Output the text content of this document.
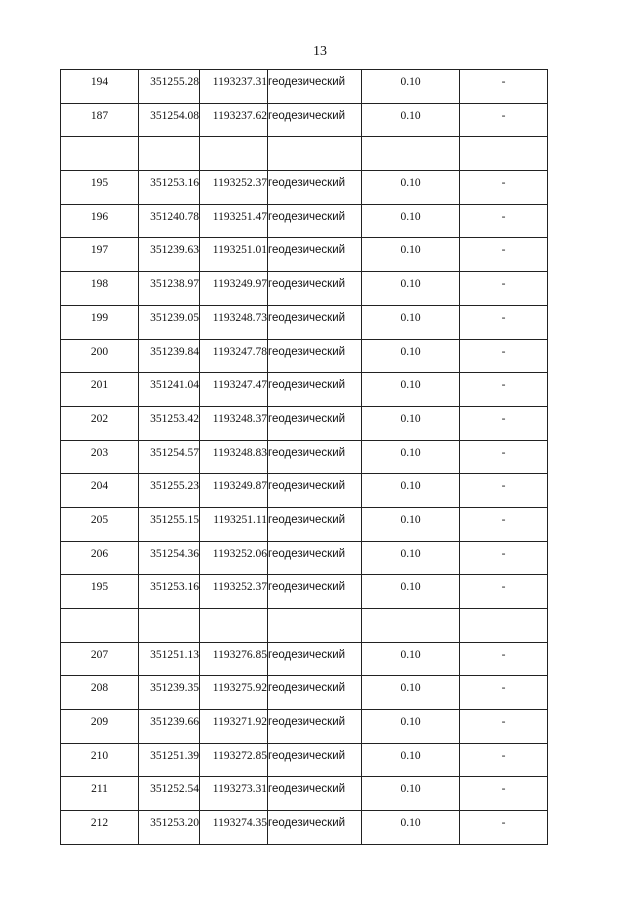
13
194	351255.28	1193237.31	геодезический	0.10	-
187	351254.08	1193237.62	геодезический	0.10	-

195	351253.16	1193252.37	геодезический	0.10	-
196	351240.78	1193251.47	геодезический	0.10	-
197	351239.63	1193251.01	геодезический	0.10	-
198	351238.97	1193249.97	геодезический	0.10	-
199	351239.05	1193248.73	геодезический	0.10	-
200	351239.84	1193247.78	геодезический	0.10	-
201	351241.04	1193247.47	геодезический	0.10	-
202	351253.42	1193248.37	геодезический	0.10	-
203	351254.57	1193248.83	геодезический	0.10	-
204	351255.23	1193249.87	геодезический	0.10	-
205	351255.15	1193251.11	геодезический	0.10	-
206	351254.36	1193252.06	геодезический	0.10	-
195	351253.16	1193252.37	геодезический	0.10	-

207	351251.13	1193276.85	геодезический	0.10	-
208	351239.35	1193275.92	геодезический	0.10	-
209	351239.66	1193271.92	геодезический	0.10	-
210	351251.39	1193272.85	геодезический	0.10	-
211	351252.54	1193273.31	геодезический	0.10	-
212	351253.20	1193274.35	геодезический	0.10	-
